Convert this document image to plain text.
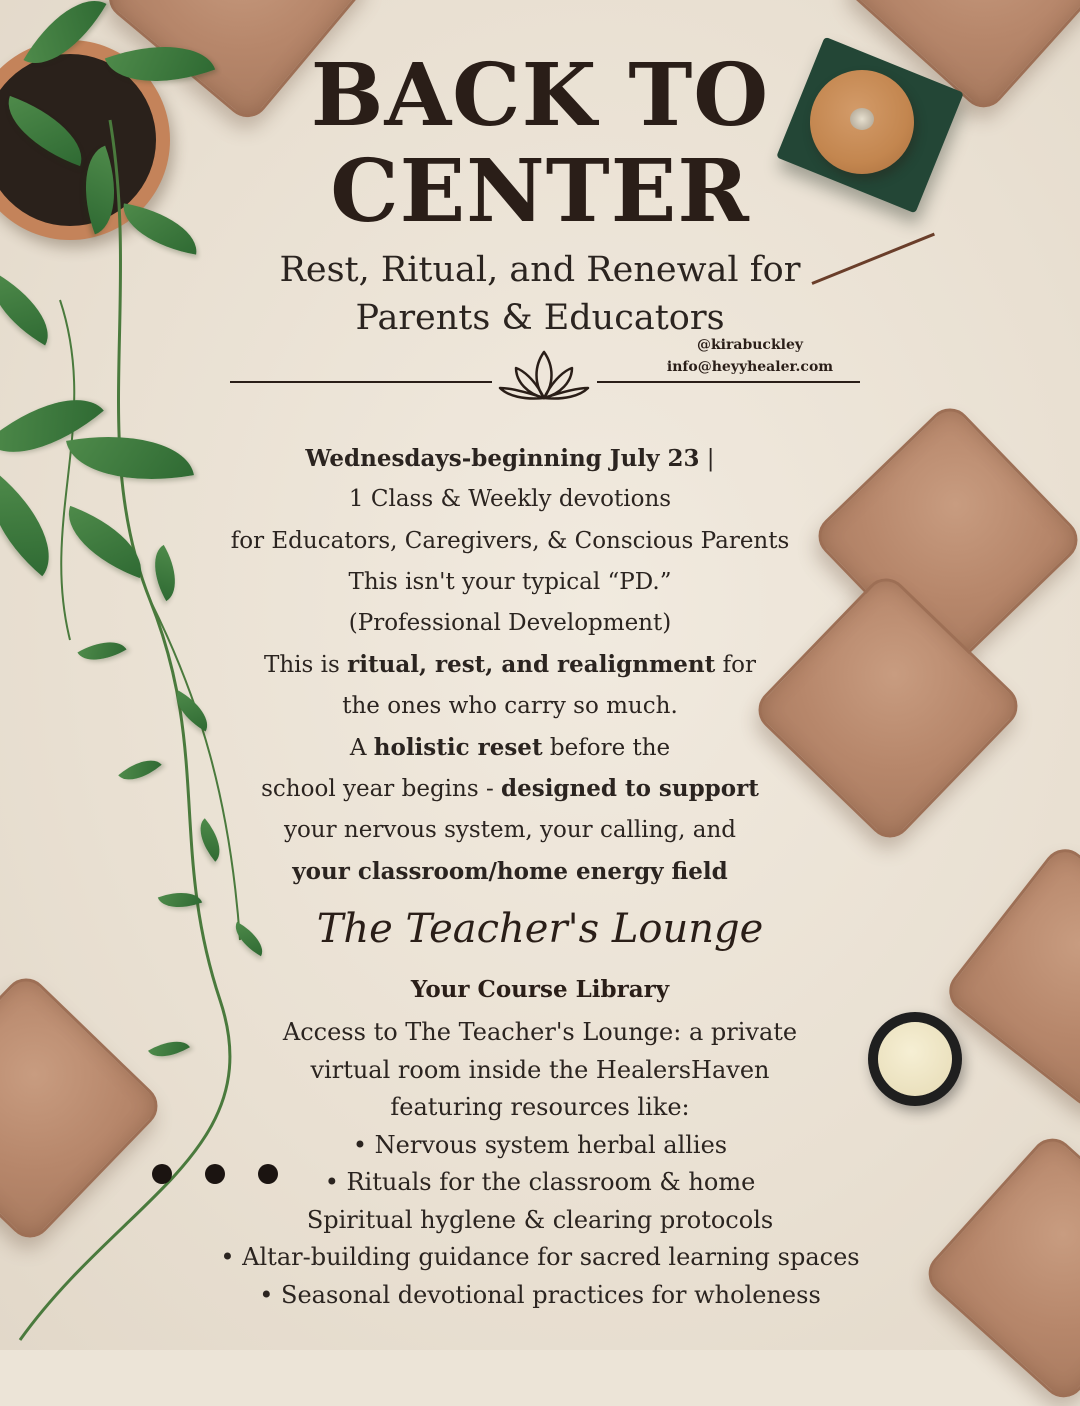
BACK TO
CENTER
Rest, Ritual, and Renewal for
Parents & Educators
@kirabuckley
info@heyyhealer.com
Wednesdays-beginning July 23 |
1 Class & Weekly devotions
for Educators, Caregivers, & Conscious Parents
This isn't your typical “PD.”
(Professional Development)
This is ritual, rest, and realignment for
the ones who carry so much.
A holistic reset before the
school year begins - designed to support
your nervous system, your calling, and
your classroom/home energy field
The Teacher's Lounge
Your Course Library
Access to The Teacher's Lounge: a private
virtual room inside the HealersHaven
featuring resources like:
• Nervous system herbal allies
• Rituals for the classroom & home
Spiritual hyglene & clearing protocols
• Altar-building guidance for sacred learning spaces
• Seasonal devotional practices for wholeness
